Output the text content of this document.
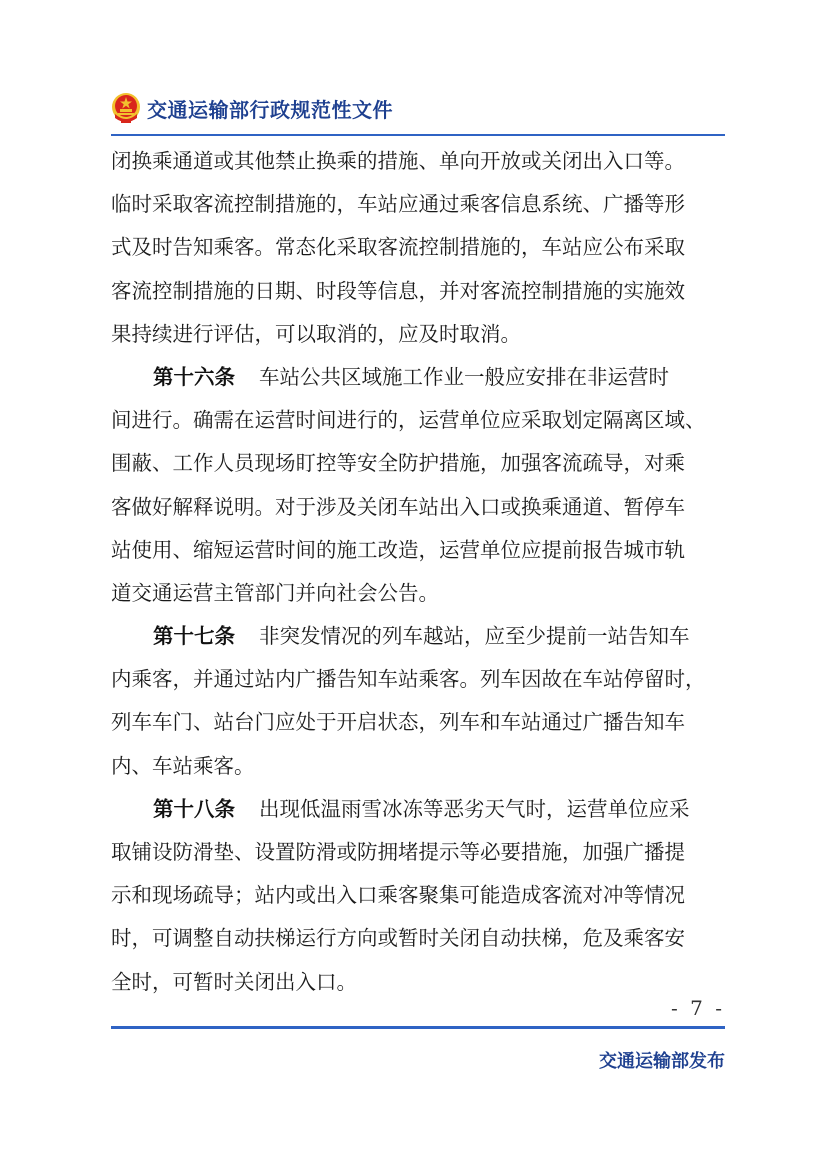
交通运输部行政规范性文件
闭换乘通道或其他禁止换乘的措施、单向开放或关闭出入口等。
临时采取客流控制措施的，车站应通过乘客信息系统、广播等形
式及时告知乘客。常态化采取客流控制措施的，车站应公布采取
客流控制措施的日期、时段等信息，并对客流控制措施的实施效
果持续进行评估，可以取消的，应及时取消。
第十六条 车站公共区域施工作业一般应安排在非运营时
间进行。确需在运营时间进行的，运营单位应采取划定隔离区域、
围蔽、工作人员现场盯控等安全防护措施，加强客流疏导，对乘
客做好解释说明。对于涉及关闭车站出入口或换乘通道、暂停车
站使用、缩短运营时间的施工改造，运营单位应提前报告城市轨
道交通运营主管部门并向社会公告。
第十七条 非突发情况的列车越站，应至少提前一站告知车
内乘客，并通过站内广播告知车站乘客。列车因故在车站停留时，
列车车门、站台门应处于开启状态，列车和车站通过广播告知车
内、车站乘客。
第十八条 出现低温雨雪冰冻等恶劣天气时，运营单位应采
取铺设防滑垫、设置防滑或防拥堵提示等必要措施，加强广播提
示和现场疏导；站内或出入口乘客聚集可能造成客流对冲等情况
时，可调整自动扶梯运行方向或暂时关闭自动扶梯，危及乘客安
全时，可暂时关闭出入口。
- 7 -
交通运输部发布
